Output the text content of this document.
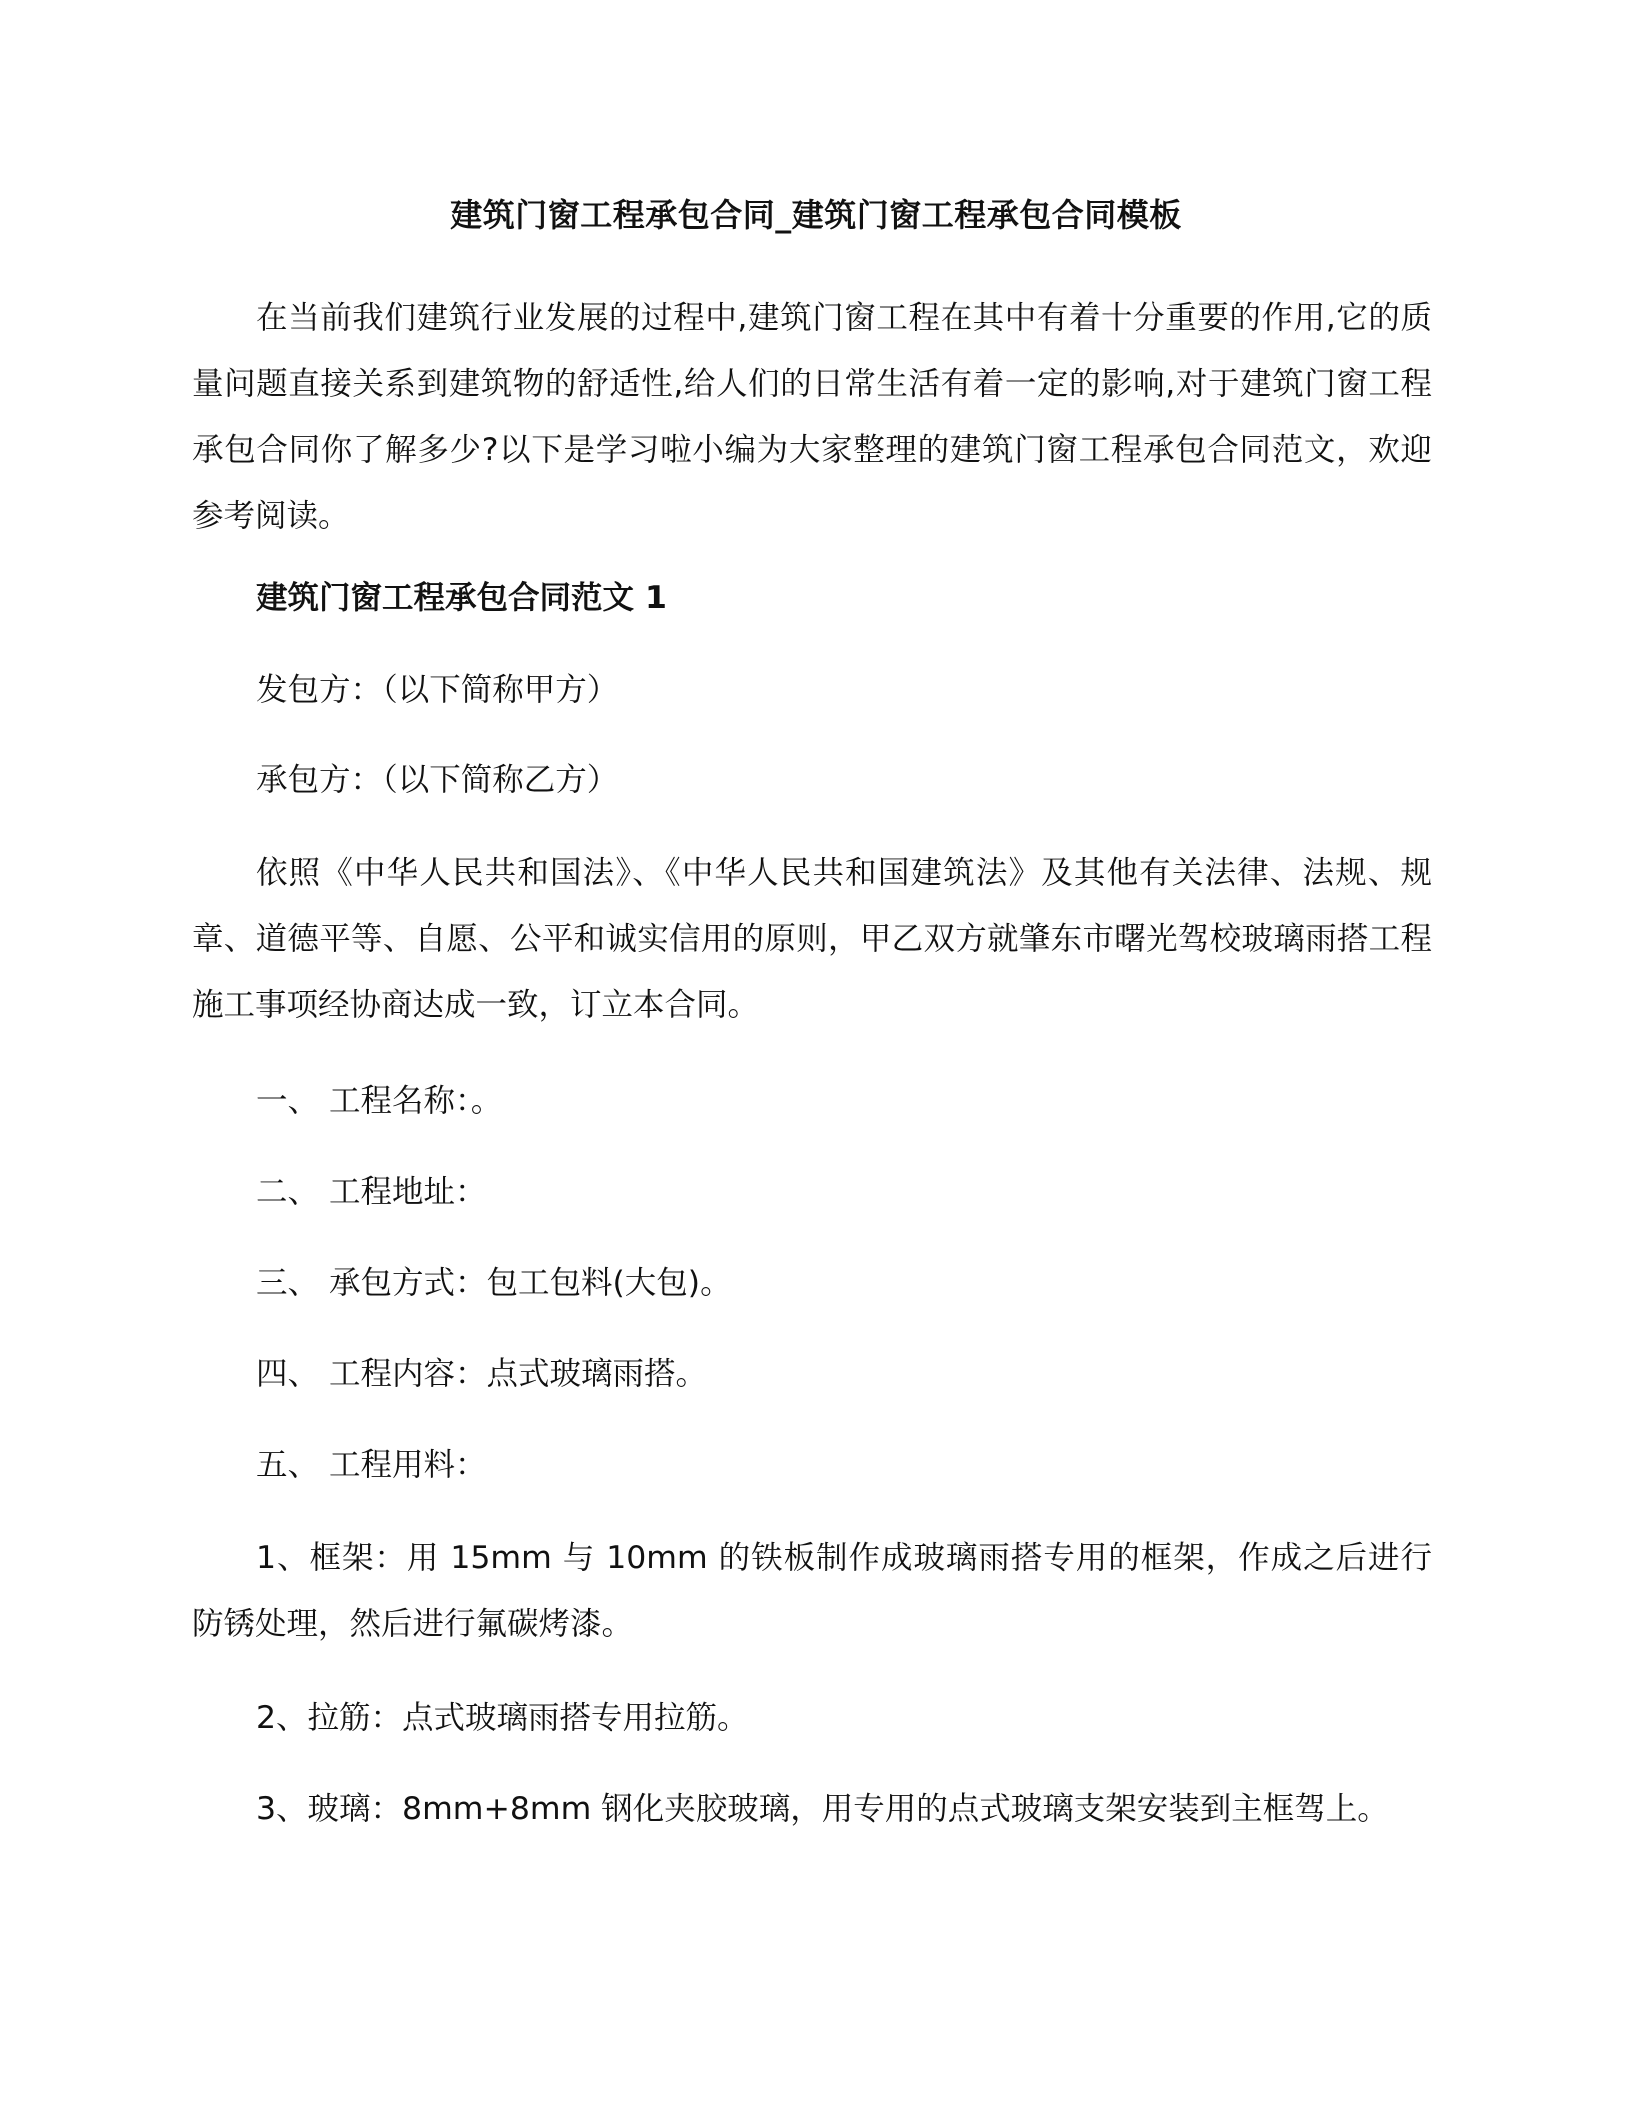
建筑门窗工程承包合同_建筑门窗工程承包合同模板

在当前我们建筑行业发展的过程中,建筑门窗工程在其中有着十分重要的作用,它的质量问题直接关系到建筑物的舒适性,给人们的日常生活有着一定的影响,对于建筑门窗工程承包合同你了解多少?以下是学习啦小编为大家整理的建筑门窗工程承包合同范文，欢迎参考阅读。

建筑门窗工程承包合同范文 1

发包方：（以下简称甲方）

承包方：（以下简称乙方）

依照《中华人民共和国法》、《中华人民共和国建筑法》及其他有关法律、法规、规章、道德平等、自愿、公平和诚实信用的原则，甲乙双方就肇东市曙光驾校玻璃雨搭工程施工事项经协商达成一致，订立本合同。

一、 工程名称：。

二、 工程地址：

三、 承包方式：包工包料(大包)。

四、 工程内容：点式玻璃雨搭。

五、 工程用料：

1、框架：用 15mm 与 10mm 的铁板制作成玻璃雨搭专用的框架，作成之后进行防锈处理，然后进行氟碳烤漆。

2、拉筋：点式玻璃雨搭专用拉筋。

3、玻璃：8mm+8mm 钢化夹胶玻璃，用专用的点式玻璃支架安装到主框驾上。
